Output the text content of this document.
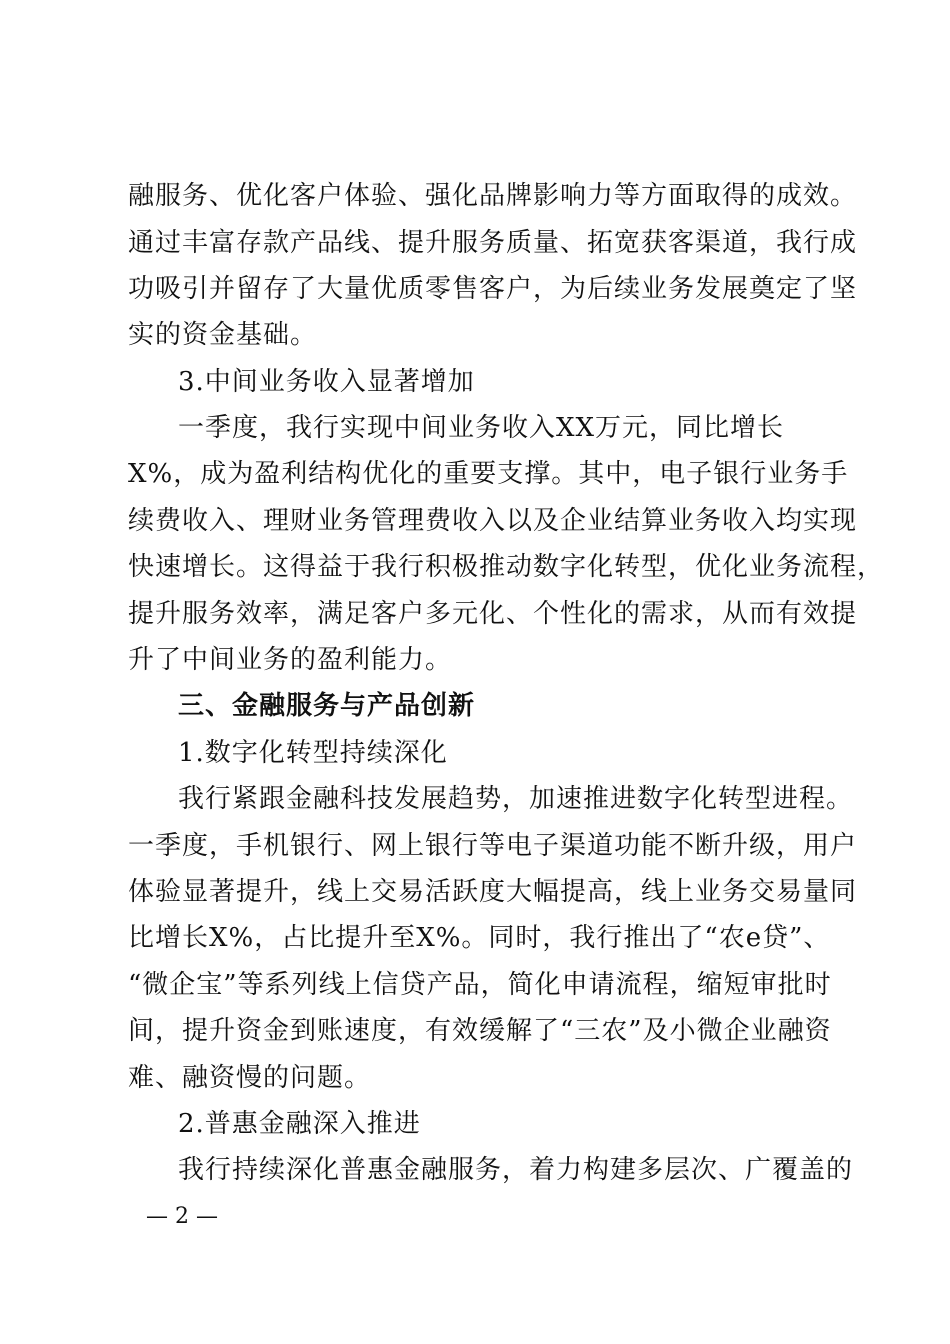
融服务、优化客户体验、强化品牌影响力等方面取得的成效。
通过丰富存款产品线、提升服务质量、拓宽获客渠道，我行成
功吸引并留存了大量优质零售客户，为后续业务发展奠定了坚
实的资金基础。
3.中间业务收入显著增加
一季度，我行实现中间业务收入XX万元，同比增长
X%，成为盈利结构优化的重要支撑。其中，电子银行业务手
续费收入、理财业务管理费收入以及企业结算业务收入均实现
快速增长。这得益于我行积极推动数字化转型，优化业务流程，
提升服务效率，满足客户多元化、个性化的需求，从而有效提
升了中间业务的盈利能力。
三、金融服务与产品创新
1.数字化转型持续深化
我行紧跟金融科技发展趋势，加速推进数字化转型进程。
一季度，手机银行、网上银行等电子渠道功能不断升级，用户
体验显著提升，线上交易活跃度大幅提高，线上业务交易量同
比增长X%，占比提升至X%。同时，我行推出了“农e贷”、
“微企宝”等系列线上信贷产品，简化申请流程，缩短审批时
间，提升资金到账速度，有效缓解了“三农”及小微企业融资
难、融资慢的问题。
2.普惠金融深入推进
我行持续深化普惠金融服务，着力构建多层次、广覆盖的
— 2 —
